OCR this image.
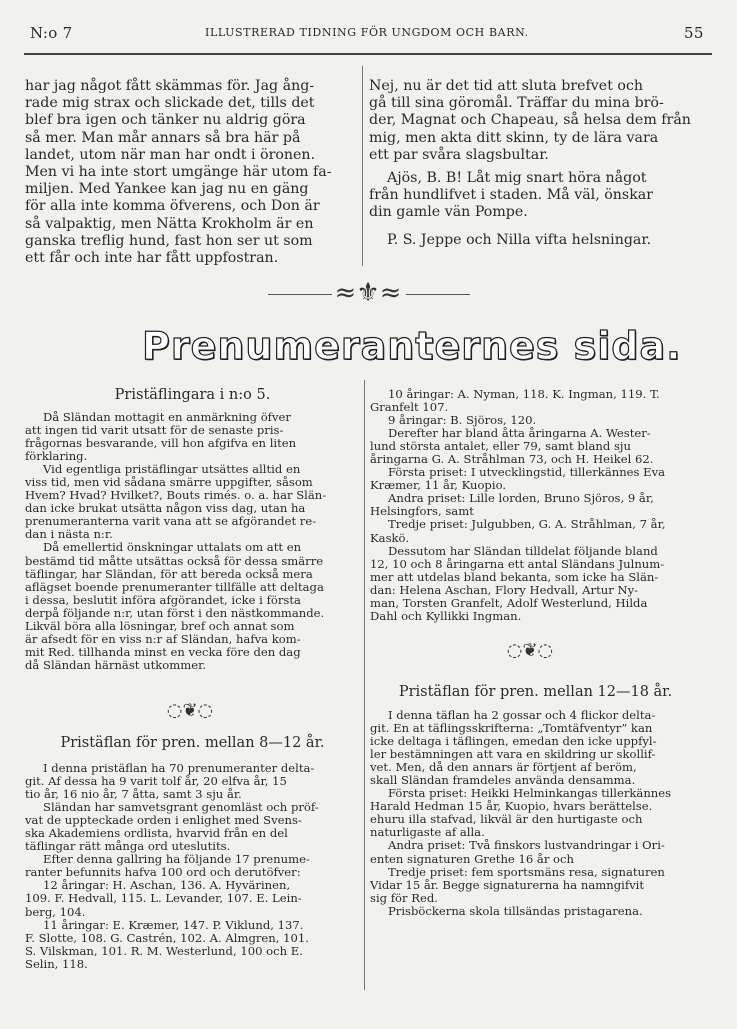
N:o 7	ILLUSTRERAD TIDNING FÖR UNGDOM OCH BARN.	55

har jag något fått skämmas för. Jag ång-

rade mig strax och slickade det, tills det

blef bra igen och tänker nu aldrig göra

så mer. Man mår annars så bra här på

landet, utom när man har ondt i öronen.

Men vi ha inte stort umgänge här utom fa-

miljen. Med Yankee kan jag nu en gäng

för alla inte komma öfverens, och Don är

så valpaktig, men Nätta Krokholm är en

ganska treflig hund, fast hon ser ut som

ett får och inte har fått uppfostran.

Nej, nu är det tid att sluta brefvet och

gå till sina göromål. Träffar du mina brö-

der, Magnat och Chapeau, så helsa dem från

mig, men akta ditt skinn, ty de lära vara

ett par svåra slagsbultar.

Ajös, B. B! Låt mig snart höra något

från hundlifvet i staden. Må väl, önskar

din gamle vän Pompe.

P. S. Jeppe och Nilla vifta helsningar.

≈⚜≈
Prenumeranternes sida.
Pristäflingara i n:o 5.

Då Sländan mottagit en anmärkning öfver

att ingen tid varit utsatt för de senaste pris-

frågornas besvarande, vill hon afgifva en liten

förklaring.

Vid egentliga pristäflingar utsättes alltid en

viss tid, men vid sådana smärre uppgifter, såsom

Hvem? Hvad? Hvilket?, Bouts rimés. o. a. har Slän-

dan icke brukat utsätta någon viss dag, utan ha

prenumeranterna varit vana att se afgörandet re-

dan i nästa n:r.

Då emellertid önskningar uttalats om att en

bestämd tid måtte utsättas också för dessa smärre

täflingar, har Sländan, för att bereda också mera

aflägset boende prenumeranter tillfälle att deltaga

i dessa, beslutit införa afgörandet, icke i första

derpå följande n:r, utan först i den nästkommande.

Likväl böra alla lösningar, bref och annat som

är afsedt för en viss n:r af Sländan, hafva kom-

mit Red. tillhanda minst en vecka före den dag

då Sländan härnäst utkommer.

◌❦◌
Pristäflan för pren. mellan 8—12 år.

I denna pristäflan ha 70 prenumeranter delta-

git. Af dessa ha 9 varit tolf år, 20 elfva år, 15

tio år, 16 nio år, 7 åtta, samt 3 sju år.

Sländan har samvetsgrant genomläst och pröf-

vat de uppteckade orden i enlighet med Svens-

ska Akademiens ordlista, hvarvid från en del

täflingar rätt många ord uteslutits.

Efter denna gallring ha följande 17 prenume-

ranter befunnits hafva 100 ord och derutöfver:

12 åringar: H. Aschan, 136. A. Hyvärinen,

109. F. Hedvall, 115. L. Levander, 107. E. Lein-

berg, 104.

11 åringar: E. Kræmer, 147. P. Viklund, 137.

F. Slotte, 108. G. Castrén, 102. A. Almgren, 101.

S. Vilskman, 101. R. M. Westerlund, 100 och E.

Selin, 118.

10 åringar: A. Nyman, 118. K. Ingman, 119. T.

Granfelt 107.

9 åringar: B. Sjöros, 120.

Derefter har bland åtta åringarna A. Wester-

lund största antalet, eller 79, samt bland sju

åringarna G. A. Stråhlman 73, och H. Heikel 62.

Första priset: I utvecklingstid, tillerkännes Eva

Kræmer, 11 år, Kuopio.

Andra priset: Lille lorden, Bruno Sjöros, 9 år,

Helsingfors, samt

Tredje priset: Julgubben, G. A. Stråhlman, 7 år,

Kaskö.

Dessutom har Sländan tilldelat följande bland

12, 10 och 8 åringarna ett antal Sländans Julnum-

mer att utdelas bland bekanta, som icke ha Slän-

dan: Helena Aschan, Flory Hedvall, Artur Ny-

man, Torsten Granfelt, Adolf Westerlund, Hilda

Dahl och Kyllikki Ingman.

◌❦◌
Pristäflan för pren. mellan 12—18 år.

I denna täflan ha 2 gossar och 4 flickor delta-

git. En at täflingsskrifterna: „Tomtäfventyr” kan

icke deltaga i täflingen, emedan den icke uppfyl-

ler bestämningen att vara en skildring ur skollif-

vet. Men, då den annars är förtjent af beröm,

skall Sländan framdeles använda densamma.

Första priset: Heikki Helminkangas tillerkännes

Harald Hedman 15 år, Kuopio, hvars berättelse.

ehuru illa stafvad, likväl är den hurtigaste och

naturligaste af alla.

Andra priset: Två finskors lustvandringar i Ori-

enten signaturen Grethe 16 år och

Tredje priset: fem sportsmäns resa, signaturen

Vidar 15 år. Begge signaturerna ha namngifvit

sig för Red.

Prisböckerna skola tillsändas pristagarena.
